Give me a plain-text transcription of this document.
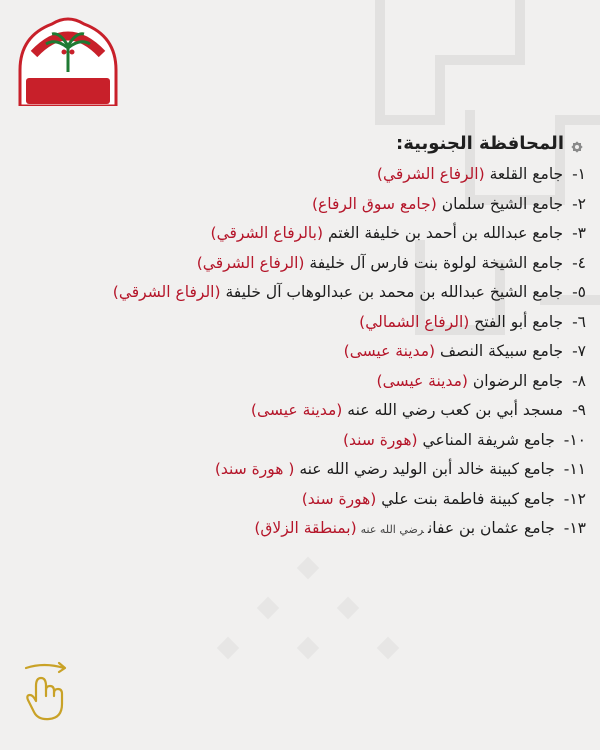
المحافظة الجنوبية:
١- جامع القلعة (الرفاع الشرقي)
٢- جامع الشيخ سلمان (جامع سوق الرفاع)
٣- جامع عبدالله بن أحمد بن خليفة الغتم (بالرفاع الشرقي)
٤- جامع الشيخة لولوة بنت فارس آل خليفة (الرفاع الشرقي)
٥- جامع الشيخ عبدالله بن محمد بن عبدالوهاب آل خليفة (الرفاع الشرقي)
٦- جامع أبو الفتح (الرفاع الشمالي)
٧- جامع سبيكة النصف (مدينة عيسى)
٨- جامع الرضوان (مدينة عيسى)
٩- مسجد أبي بن كعب رضي الله عنه (مدينة عيسى)
١٠- جامع شريفة المناعي (هورة سند)
١١- جامع كبينة خالد أبن الوليد رضي الله عنه ( هورة سند)
١٢- جامع كبينة فاطمة بنت علي (هورة سند)
١٣- جامع عثمان بن عفانرضي الله عنه(بمنطقة الزلاق)
